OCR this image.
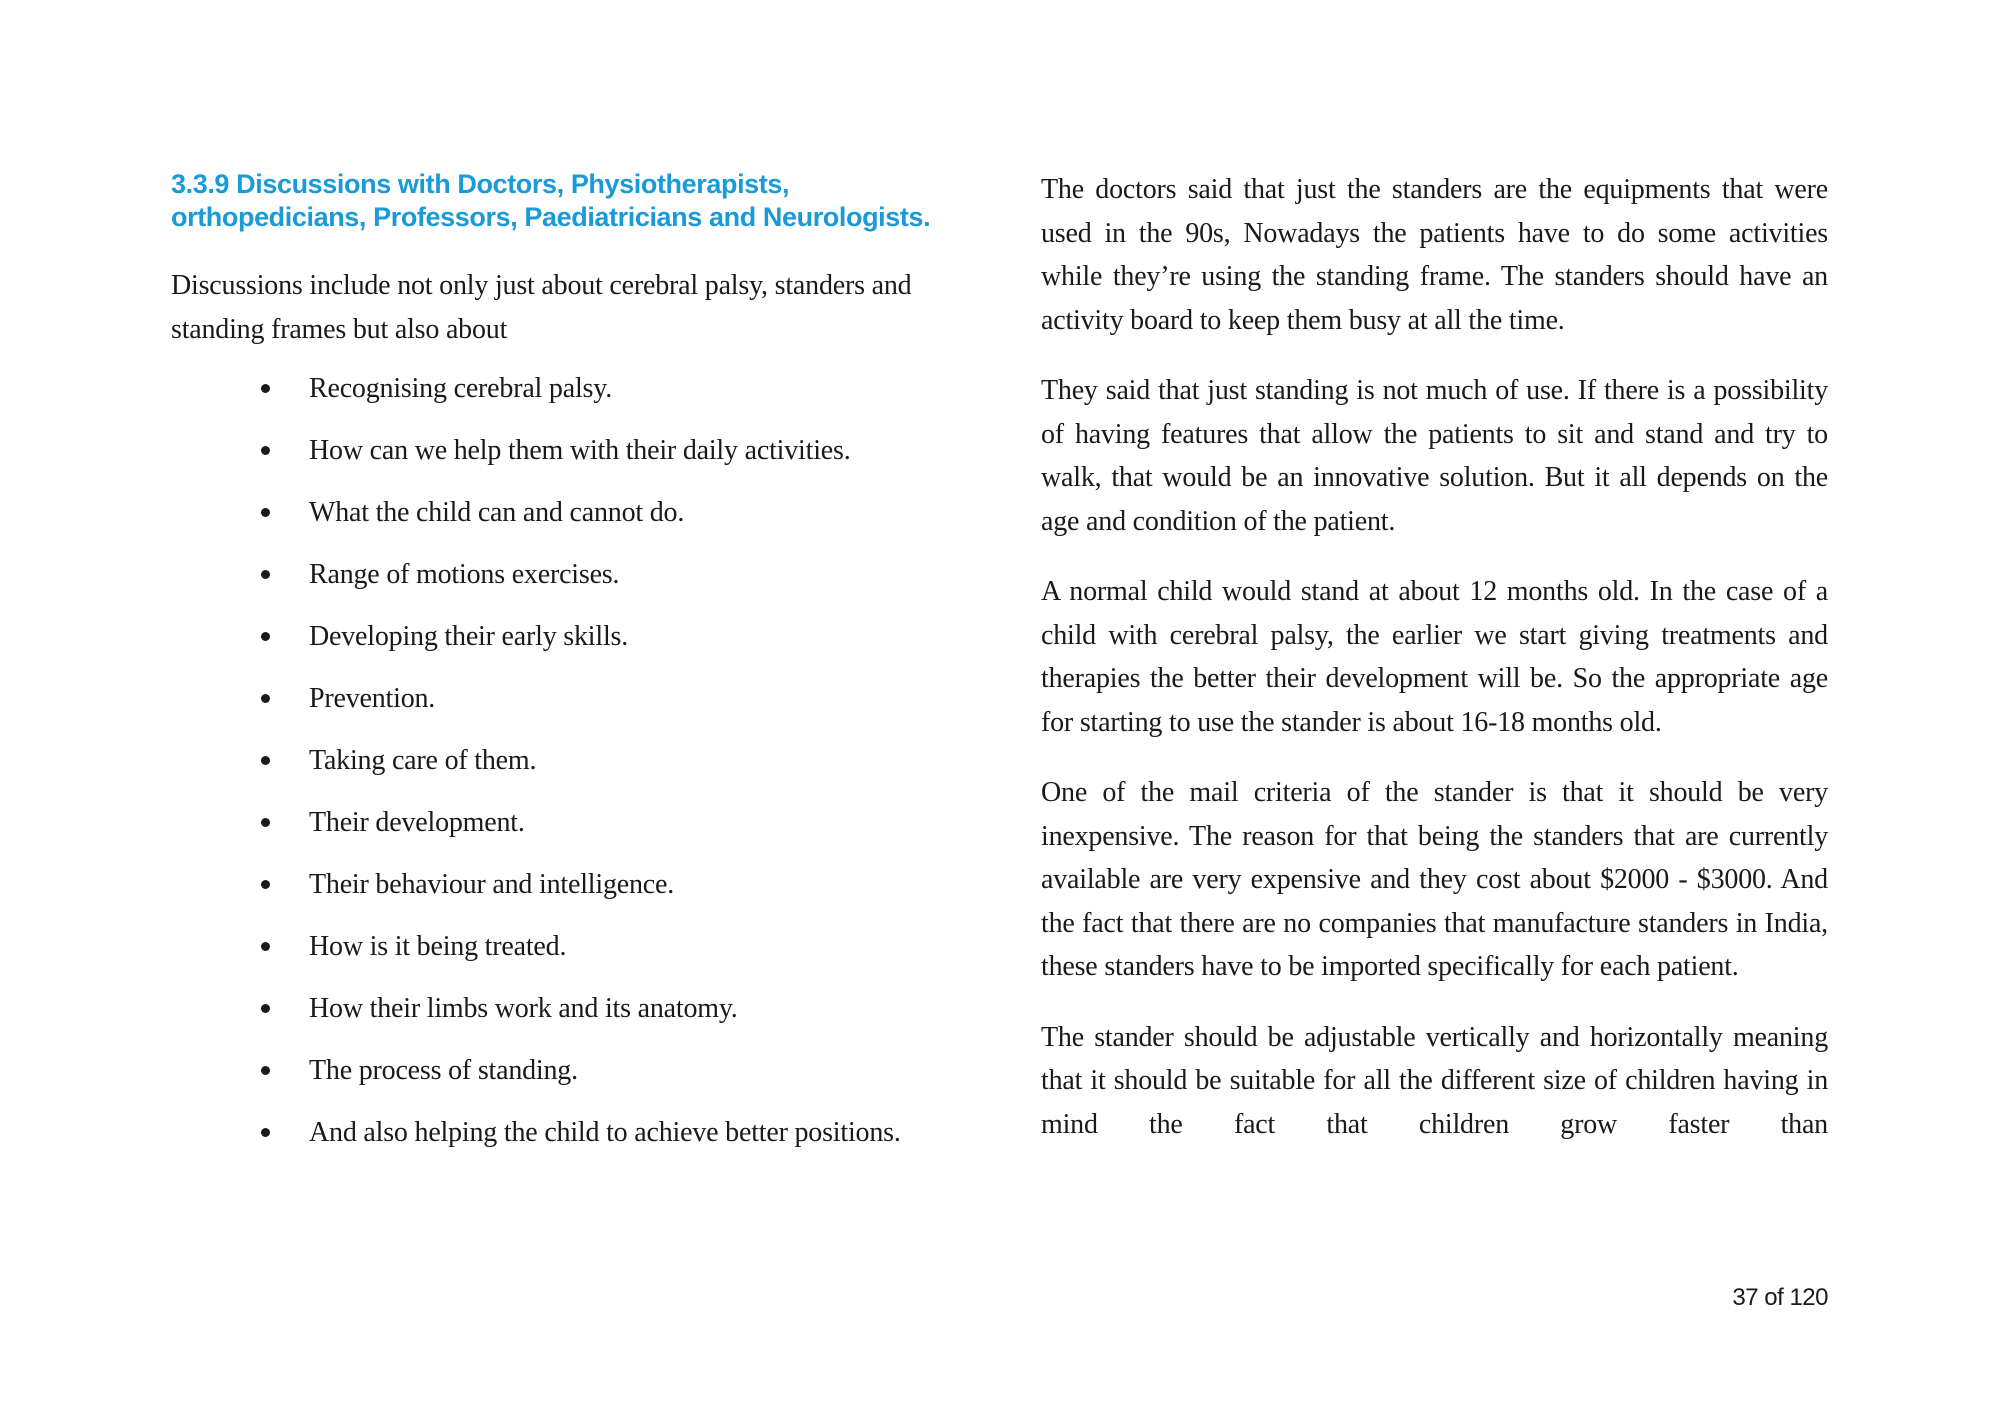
3.3.9 Discussions with Doctors, Physiotherapists, orthopedicians, Professors, Paediatricians and Neurologists.

Discussions include not only just about cerebral palsy, standers and standing frames but also about

Recognising cerebral palsy.
How can we help them with their daily activities.
What the child can and cannot do.
Range of motions exercises.
Developing their early skills.
Prevention.
Taking care of them.
Their development.
Their behaviour and intelligence.
How is it being treated.
How their limbs work and its anatomy.
The process of standing.
And also helping the child to achieve better positions.

The doctors said that just the standers are the equipments that were used in the 90s, Nowadays the patients have to do some activities while they’re using the standing frame. The standers should have an activity board to keep them busy at all the time.

They said that just standing is not much of use. If there is a possibility of having features that allow the patients to sit and stand and try to walk, that would be an innovative solution. But it all depends on the age and condition of the patient.

A normal child would stand at about 12 months old. In the case of a child with cerebral palsy, the earlier we start giving treatments and therapies the better their development will be. So the appropriate age for starting to use the stander is about 16-18 months old.

One of the mail criteria of the stander is that it should be very inexpensive. The reason for that being the standers that are currently available are very expensive and they cost about $2000 - $3000. And the fact that there are no companies that manufacture standers in India, these standers have to be imported specifically for each patient.

The stander should be adjustable vertically and horizontally meaning that it should be suitable for all the different size of children having in mind the fact that children grow faster than

37 of 120
